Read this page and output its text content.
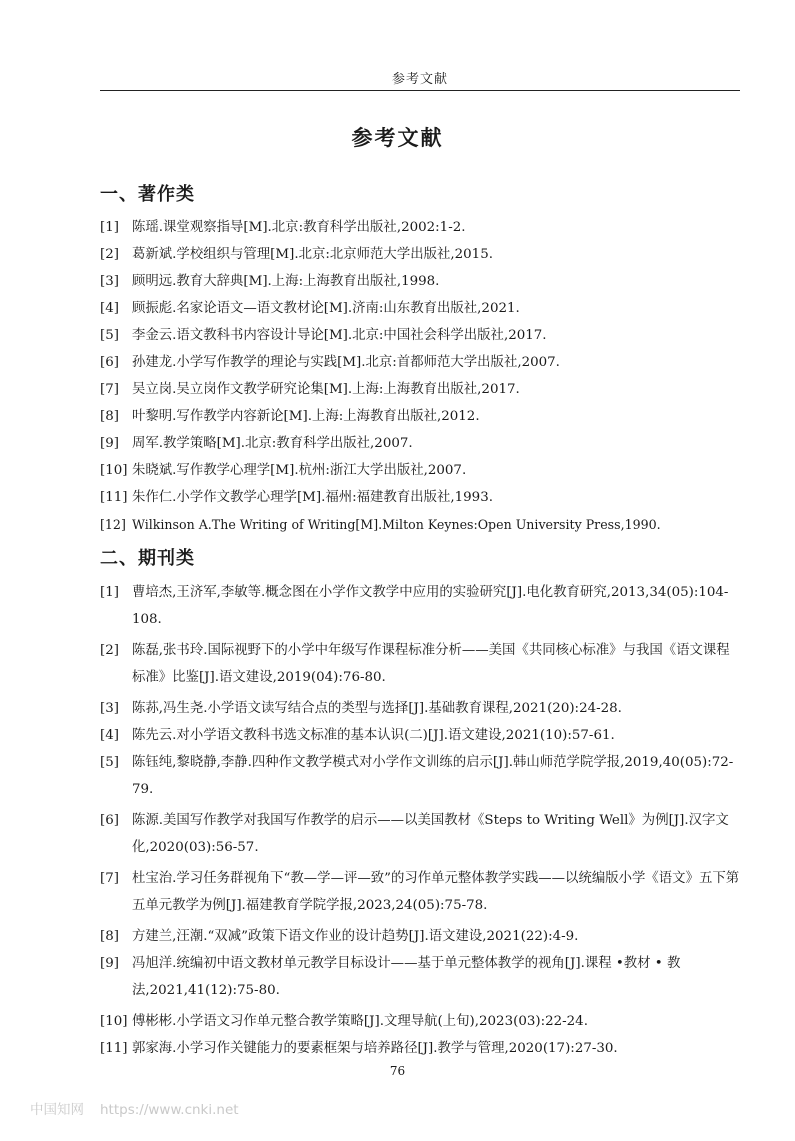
参考文献
参考文献
一、著作类
[1] 陈瑶.课堂观察指导[M].北京:教育科学出版社,2002:1-2.
[2] 葛新斌.学校组织与管理[M].北京:北京师范大学出版社,2015.
[3] 顾明远.教育大辞典[M].上海:上海教育出版社,1998.
[4] 顾振彪.名家论语文—语文教材论[M].济南:山东教育出版社,2021.
[5] 李金云.语文教科书内容设计导论[M].北京:中国社会科学出版社,2017.
[6] 孙建龙.小学写作教学的理论与实践[M].北京:首都师范大学出版社,2007.
[7] 吴立岗.吴立岗作文教学研究论集[M].上海:上海教育出版社,2017.
[8] 叶黎明.写作教学内容新论[M].上海:上海教育出版社,2012.
[9] 周军.教学策略[M].北京:教育科学出版社,2007.
[10] 朱晓斌.写作教学心理学[M].杭州:浙江大学出版社,2007.
[11] 朱作仁.小学作文教学心理学[M].福州:福建教育出版社,1993.
[12] Wilkinson A.The Writing of Writing[M].Milton Keynes:Open University Press,1990.
二、期刊类
[1] 曹培杰,王济军,李敏等.概念图在小学作文教学中应用的实验研究[J].电化教育研究,2013,34(05):104-108.
[2] 陈磊,张书玲.国际视野下的小学中年级写作课程标准分析——美国《共同核心标准》与我国《语文课程标准》比鉴[J].语文建设,2019(04):76-80.
[3] 陈荪,冯生尧.小学语文读写结合点的类型与选择[J].基础教育课程,2021(20):24-28.
[4] 陈先云.对小学语文教科书选文标准的基本认识(二)[J].语文建设,2021(10):57-61.
[5] 陈钰纯,黎晓静,李静.四种作文教学模式对小学作文训练的启示[J].韩山师范学院学报,2019,40(05):72-79.
[6] 陈源.美国写作教学对我国写作教学的启示——以美国教材《Steps to Writing Well》为例[J].汉字文化,2020(03):56-57.
[7] 杜宝治.学习任务群视角下“教—学—评—致”的习作单元整体教学实践——以统编版小学《语文》五下第五单元教学为例[J].福建教育学院学报,2023,24(05):75-78.
[8] 方建兰,汪潮.“双减”政策下语文作业的设计趋势[J].语文建设,2021(22):4-9.
[9] 冯旭洋.统编初中语文教材单元教学目标设计——基于单元整体教学的视角[J].课程 •教材 • 教法,2021,41(12):75-80.
[10] 傅彬彬.小学语文习作单元整合教学策略[J].文理导航(上旬),2023(03):22-24.
[11] 郭家海.小学习作关键能力的要素框架与培养路径[J].教学与管理,2020(17):27-30.
76
中国知网 https://www.cnki.net
